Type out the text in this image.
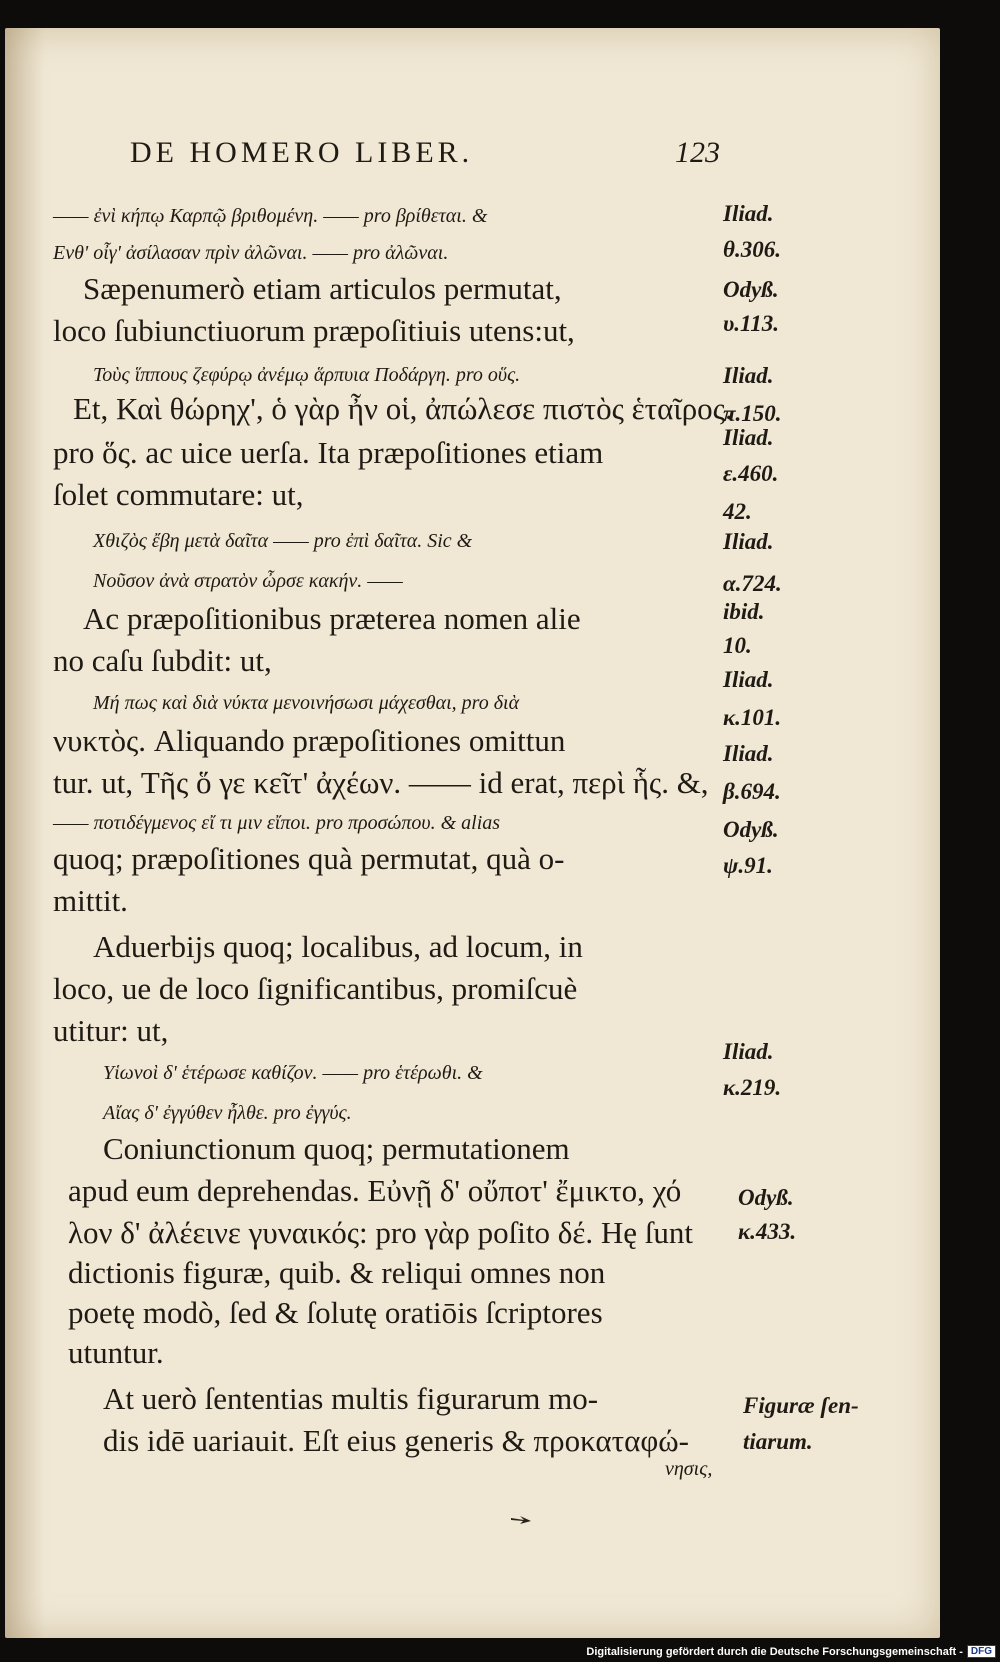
DE HOMERO LIBER.	123
—— ἐνὶ κήπῳ Καρπῷ βριθομένη. —— pro βρίθεται. &
Ενθ' οἶγ' ἀσίλασαν πρὶν ἀλῶναι. —— pro ἀλῶναι.
Sæpenumerò etiam articulos permutat,
loco ſubiunctiuorum præpoſitiuis utens:ut,
Τοὺς ἵππους ζεφύρῳ ἀνέμῳ ἅρπυια Ποδάργη. pro οὕς.
Et, Καὶ θώρηχ', ὁ γὰρ ἦν οἱ, ἀπώλεσε πιστὸς ἑταῖρος.
pro ὅς. ac uice uerſa. Ita præpoſitiones etiam
ſolet commutare: ut,
Χθιζὸς ἔβη μετὰ δαῖτα —— pro ἐπὶ δαῖτα. Sic &
Νοῦσον ἀνὰ στρατὸν ὦρσε κακήν. ——
Ac præpoſitionibus præterea nomen alie
no caſu ſubdit: ut,
Μή πως καὶ διὰ νύκτα μενοινήσωσι μάχεσθαι, pro διὰ
νυκτὸς. Aliquando præpoſitiones omittun
tur. ut, Τῆς ὅ γε κεῖτ' ἀχέων. —— id erat, περὶ ἧς. &,
—— ποτιδέγμενος εἴ τι μιν εἴποι. pro προσώπου. & alias
quoq; præpoſitiones quà permutat, quà o-
mittit.
Aduerbijs quoq; localibus, ad locum, in
loco, ue de loco ſignificantibus, promiſcuè
utitur: ut,
Υἱωνοὶ δ' ἑτέρωσε καθίζον. —— pro ἑτέρωθι. &
Αἴας δ' ἐγγύθεν ἦλθε. pro ἐγγύς.
Coniunctionum quoq; permutationem
apud eum deprehendas. Εὐνῇ δ' οὔποτ' ἔμικτο, χό
λον δ' ἀλέεινε γυναικός: pro γὰρ poſito δέ. Hę ſunt
dictionis figuræ, quib. & reliqui omnes non
poetę modò, ſed & ſolutę oratiōis ſcriptores
utuntur.
At uerò ſententias multis figurarum mo-
dis idē uariauit. Eſt eius generis & προκαταφώ-
Iliad.
θ.306.
Odyß.
υ.113.
Iliad.
π.150.
Iliad.
ε.460.
42.
Iliad.
α.724.
ibid.
10.
Iliad.
κ.101.
Iliad.
β.694.
Odyß.
ψ.91.
Iliad.
κ.219.
Odyß.
κ.433.
Figuræ ſen-
tiarum.
νησις,
Digitalisierung gefördert durch die Deutsche Forschungsgemeinschaft - DFG
